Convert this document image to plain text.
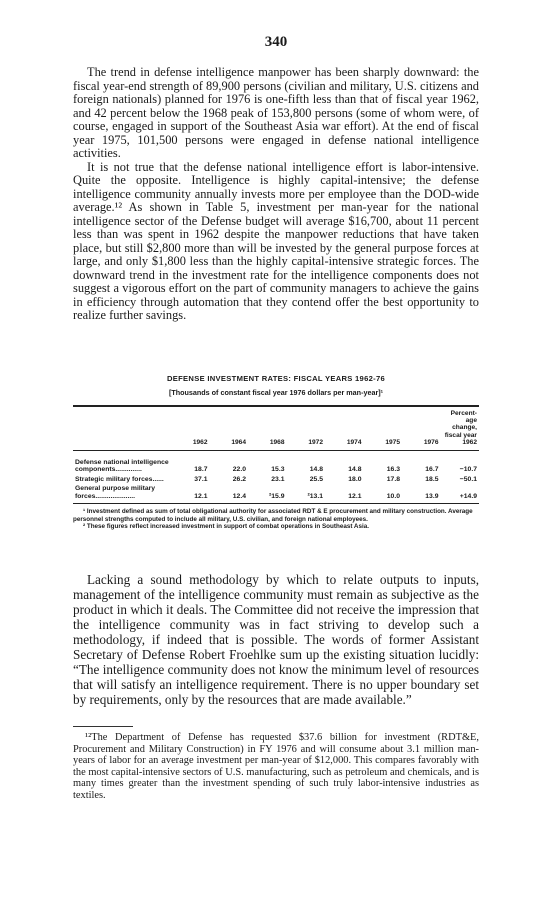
340

The trend in defense intelligence manpower has been sharply downward: the fiscal year-end strength of 89,900 persons (civilian and military, U.S. citizens and foreign nationals) planned for 1976 is one-fifth less than that of fiscal year 1962, and 42 percent below the 1968 peak of 153,800 persons (some of whom were, of course, engaged in support of the Southeast Asia war effort). At the end of fiscal year 1975, 101,500 persons were engaged in defense national intelligence activities.

It is not true that the defense national intelligence effort is labor-intensive. Quite the opposite. Intelligence is highly capital-intensive; the defense intelligence community annually invests more per employee than the DOD-wide average.¹² As shown in Table 5, investment per man-year for the national intelligence sector of the Defense budget will average $16,700, about 11 percent less than was spent in 1962 despite the manpower reductions that have taken place, but still $2,800 more than will be invested by the general purpose forces at large, and only $1,800 less than the highly capital-intensive strategic forces. The downward trend in the investment rate for the intelligence components does not suggest a vigorous effort on the part of community managers to achieve the gains in efficiency through automation that they contend offer the best opportunity to realize further savings.

DEFENSE INVESTMENT RATES: FISCAL YEARS 1962-76

[Thousands of constant fiscal year 1976 dollars per man-year]¹

	1962	1964	1968	1972	1974	1975	1976	Percent-age change, fiscal year 1962
Defense national intelligence components..............	18.7	22.0	15.3	14.8	14.8	16.3	16.7	−10.7
Strategic military forces......	37.1	26.2	23.1	25.5	18.0	17.8	18.5	−50.1
General purpose military forces.....................	12.1	12.4	²15.9	²13.1	12.1	10.0	13.9	+14.9

¹ Investment defined as sum of total obligational authority for associated RDT & E procurement and military construction. Average personnel strengths computed to include all military, U.S. civilian, and foreign national employees.

² These figures reflect increased investment in support of combat operations in Southeast Asia.

Lacking a sound methodology by which to relate outputs to inputs, management of the intelligence community must remain as subjective as the product in which it deals. The Committee did not receive the impression that the intelligence community was in fact striving to develop such a methodology, if indeed that is possible. The words of former Assistant Secretary of Defense Robert Froehlke sum up the existing situation lucidly: “The intelligence community does not know the minimum level of resources that will satisfy an intelligence requirement. There is no upper boundary set by requirements, only by the resources that are made available.”

¹²The Department of Defense has requested $37.6 billion for investment (RDT&E, Procurement and Military Construction) in FY 1976 and will consume about 3.1 million man-years of labor for an average investment per man-year of $12,000. This compares favorably with the most capital-intensive sectors of U.S. manufacturing, such as petroleum and chemicals, and is many times greater than the investment spending of such truly labor-intensive industries as textiles.
